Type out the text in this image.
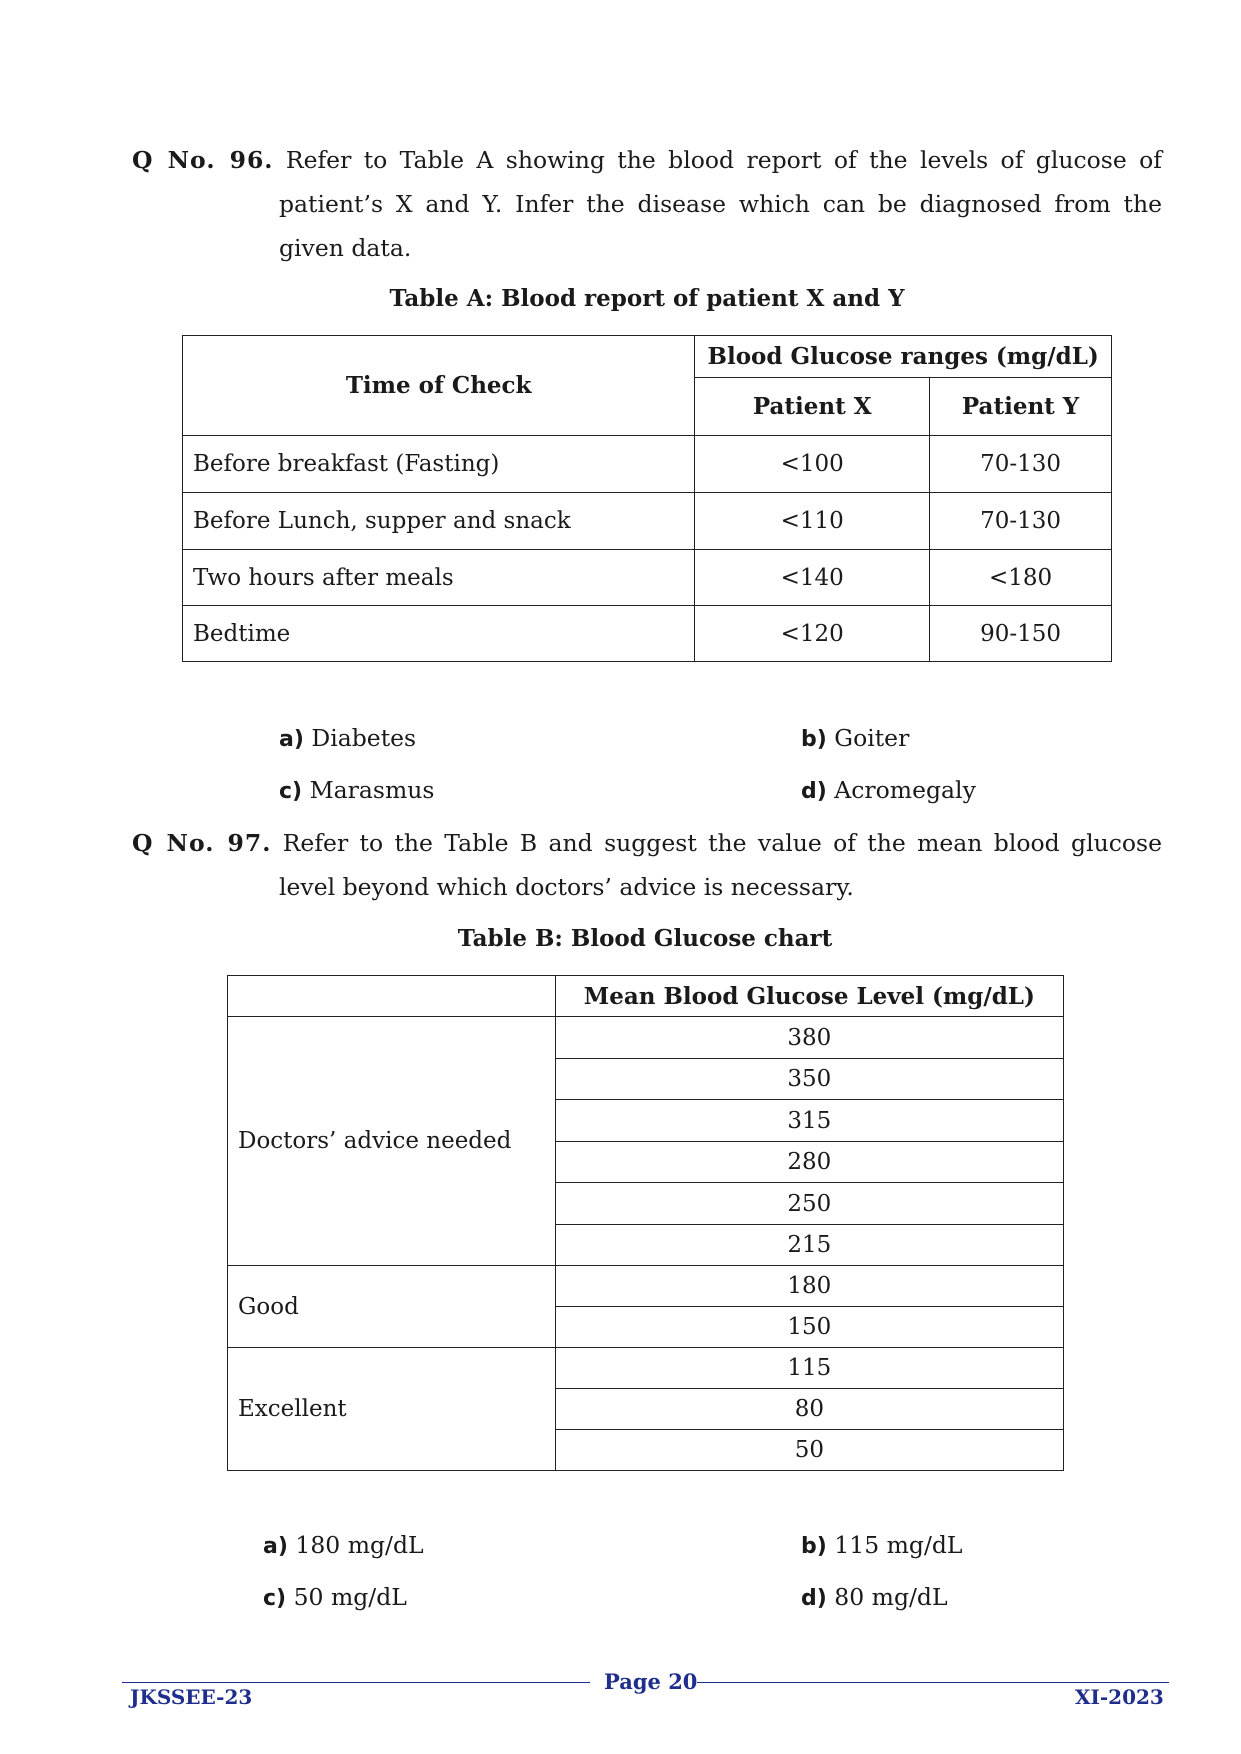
Q No. 96. Refer to Table A showing the blood report of the levels of glucose of
patient’s X and Y. Infer the disease which can be diagnosed from the
given data.
Table A: Blood report of patient X and Y
Time of Check	Blood Glucose ranges (mg/dL)	
	Patient X	Patient Y
Before breakfast (Fasting)	<100	70-130
Before Lunch, supper and snack	<110	70-130
Two hours after meals	<140	<180
Bedtime	<120	90-150
a) Diabetes	b) Goiter
c) Marasmus	d) Acromegaly
Q No. 97. Refer to the Table B and suggest the value of the mean blood glucose
level beyond which doctors’ advice is necessary.
Table B: Blood Glucose chart
	Mean Blood Glucose Level (mg/dL)
Doctors’ advice needed	380
	350
	315
	280
	250
	215
Good	180
	150
Excellent	115
	80
	50
a) 180 mg/dL	b) 115 mg/dL
c) 50 mg/dL	d) 80 mg/dL
JKSSEE-23
Page 20
XI-2023
